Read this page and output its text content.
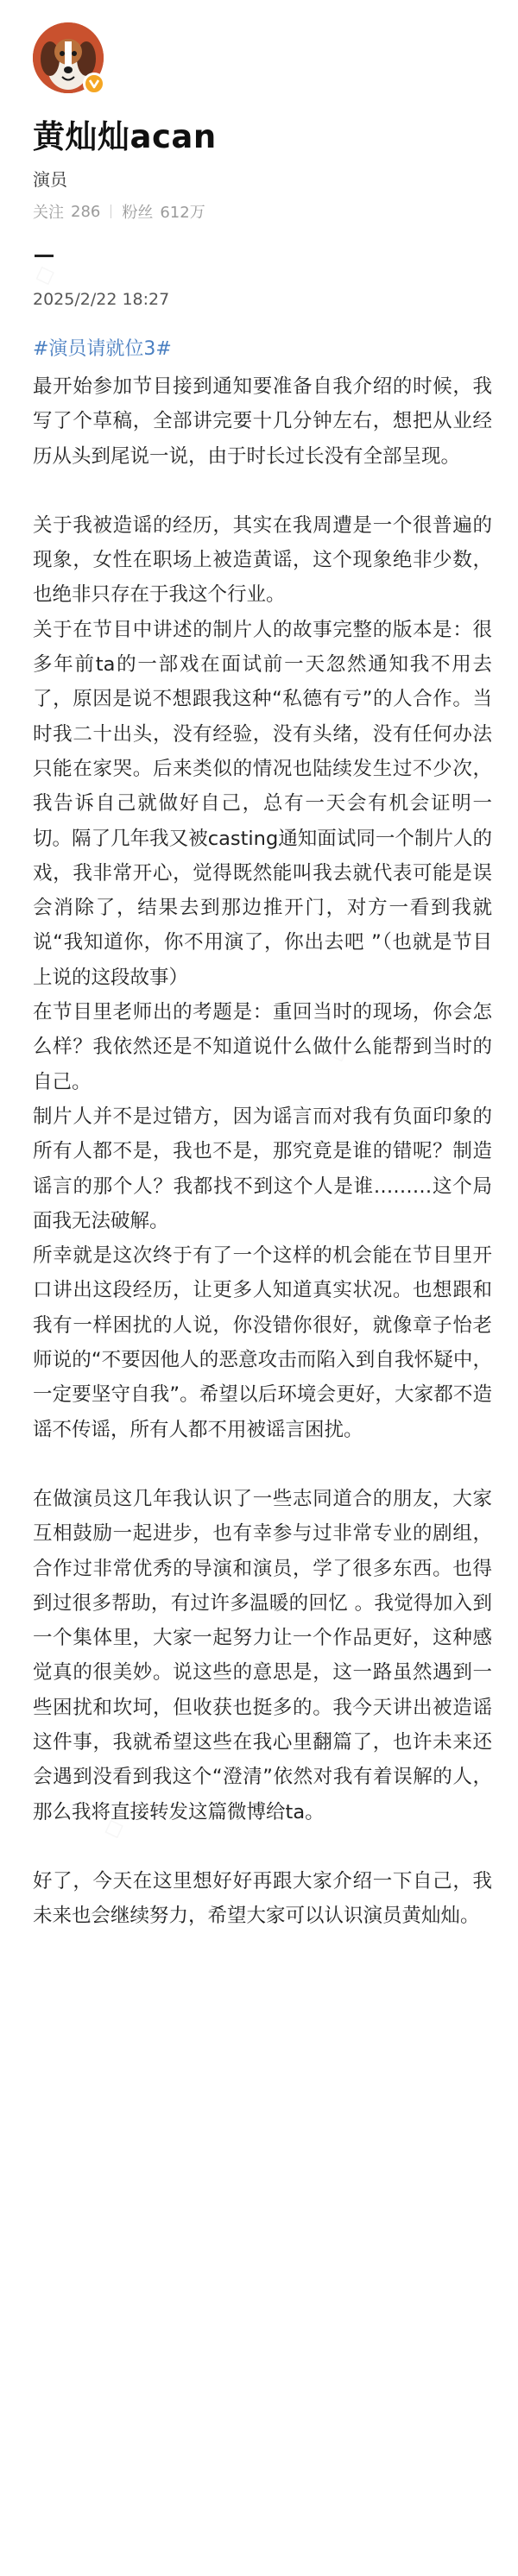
黄灿灿acan
演员
关注 286 粉丝 612万
2025/2/22 18:27
#演员请就位3#

最开始参加节目接到通知要准备自我介绍的时候，我写了个草稿，全部讲完要十几分钟左右，想把从业经历从头到尾说一说，由于时长过长没有全部呈现。

关于我被造谣的经历，其实在我周遭是一个很普遍的现象，女性在职场上被造黄谣，这个现象绝非少数，也绝非只存在于我这个行业。

关于在节目中讲述的制片人的故事完整的版本是：很多年前ta的一部戏在面试前一天忽然通知我不用去了，原因是说不想跟我这种“私德有亏”的人合作。当时我二十出头，没有经验，没有头绪，没有任何办法只能在家哭。后来类似的情况也陆续发生过不少次，我告诉自己就做好自己，总有一天会有机会证明一切。隔了几年我又被casting通知面试同一个制片人的戏，我非常开心，觉得既然能叫我去就代表可能是误会消除了，结果去到那边推开门，对方一看到我就说“我知道你，你不用演了，你出去吧 ”（也就是节目上说的这段故事）

在节目里老师出的考题是：重回当时的现场，你会怎么样？我依然还是不知道说什么做什么能帮到当时的自己。

制片人并不是过错方，因为谣言而对我有负面印象的所有人都不是，我也不是，那究竟是谁的错呢？制造谣言的那个人？我都找不到这个人是谁………这个局面我无法破解。

所幸就是这次终于有了一个这样的机会能在节目里开口讲出这段经历，让更多人知道真实状况。也想跟和我有一样困扰的人说，你没错你很好，就像章子怡老师说的“不要因他人的恶意攻击而陷入到自我怀疑中，一定要坚守自我”。希望以后环境会更好，大家都不造谣不传谣，所有人都不用被谣言困扰。

在做演员这几年我认识了一些志同道合的朋友，大家互相鼓励一起进步，也有幸参与过非常专业的剧组，合作过非常优秀的导演和演员，学了很多东西。也得到过很多帮助，有过许多温暖的回忆 。我觉得加入到一个集体里，大家一起努力让一个作品更好，这种感觉真的很美妙。说这些的意思是，这一路虽然遇到一些困扰和坎坷，但收获也挺多的。我今天讲出被造谣这件事，我就希望这些在我心里翻篇了，也许未来还会遇到没看到我这个“澄清”依然对我有着误解的人，那么我将直接转发这篇微博给ta。

好了，今天在这里想好好再跟大家介绍一下自己，我未来也会继续努力，希望大家可以认识演员黄灿灿。
